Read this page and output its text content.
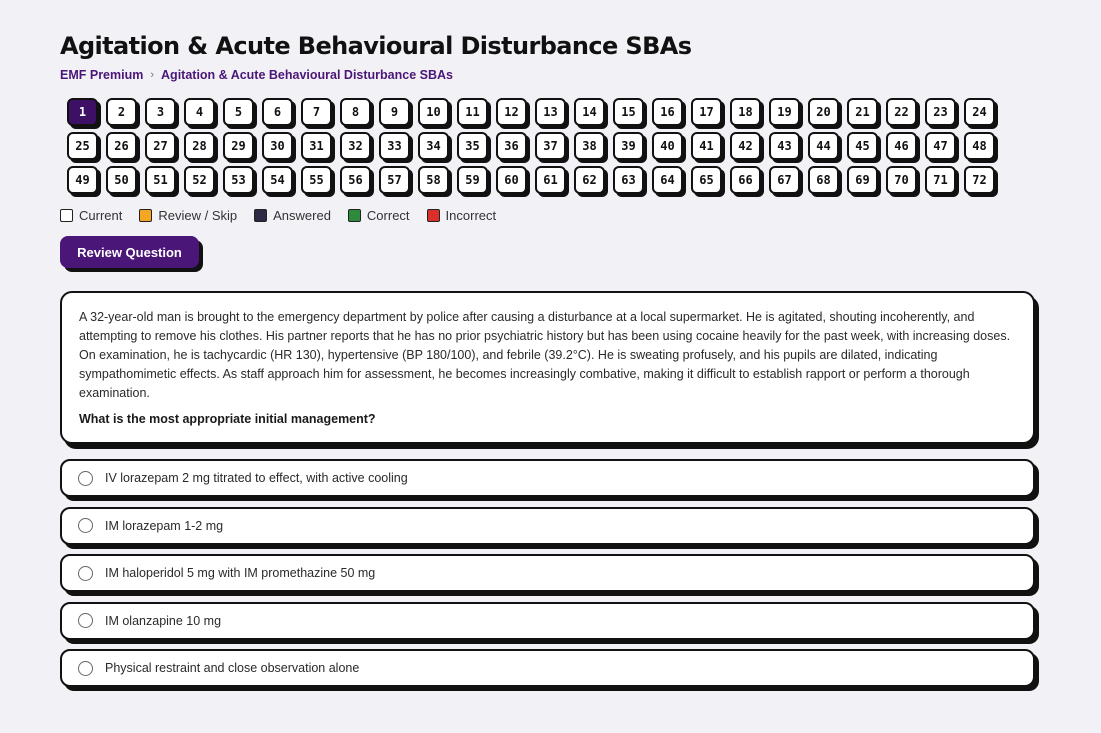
Agitation & Acute Behavioural Disturbance SBAs
EMF Premium › Agitation & Acute Behavioural Disturbance SBAs
1	2	3	4	5	6	7	8	9	10	11	12	13	14	15	16	17	18	19	20	21	22	23	24
25	26	27	28	29	30	31	32	33	34	35	36	37	38	39	40	41	42	43	44	45	46	47	48
49	50	51	52	53	54	55	56	57	58	59	60	61	62	63	64	65	66	67	68	69	70	71	72
Current	Review / Skip	Answered	Correct	Incorrect
Review Question

A 32-year-old man is brought to the emergency department by police after causing a disturbance at a local supermarket. He is agitated, shouting incoherently, and attempting to remove his clothes. His partner reports that he has no prior psychiatric history but has been using cocaine heavily for the past week, with increasing doses. On examination, he is tachycardic (HR 130), hypertensive (BP 180/100), and febrile (39.2°C). He is sweating profusely, and his pupils are dilated, indicating sympathomimetic effects. As staff approach him for assessment, he becomes increasingly combative, making it difficult to establish rapport or perform a thorough examination.

What is the most appropriate initial management?

IV lorazepam 2 mg titrated to effect, with active cooling
IM lorazepam 1-2 mg
IM haloperidol 5 mg with IM promethazine 50 mg
IM olanzapine 10 mg
Physical restraint and close observation alone
